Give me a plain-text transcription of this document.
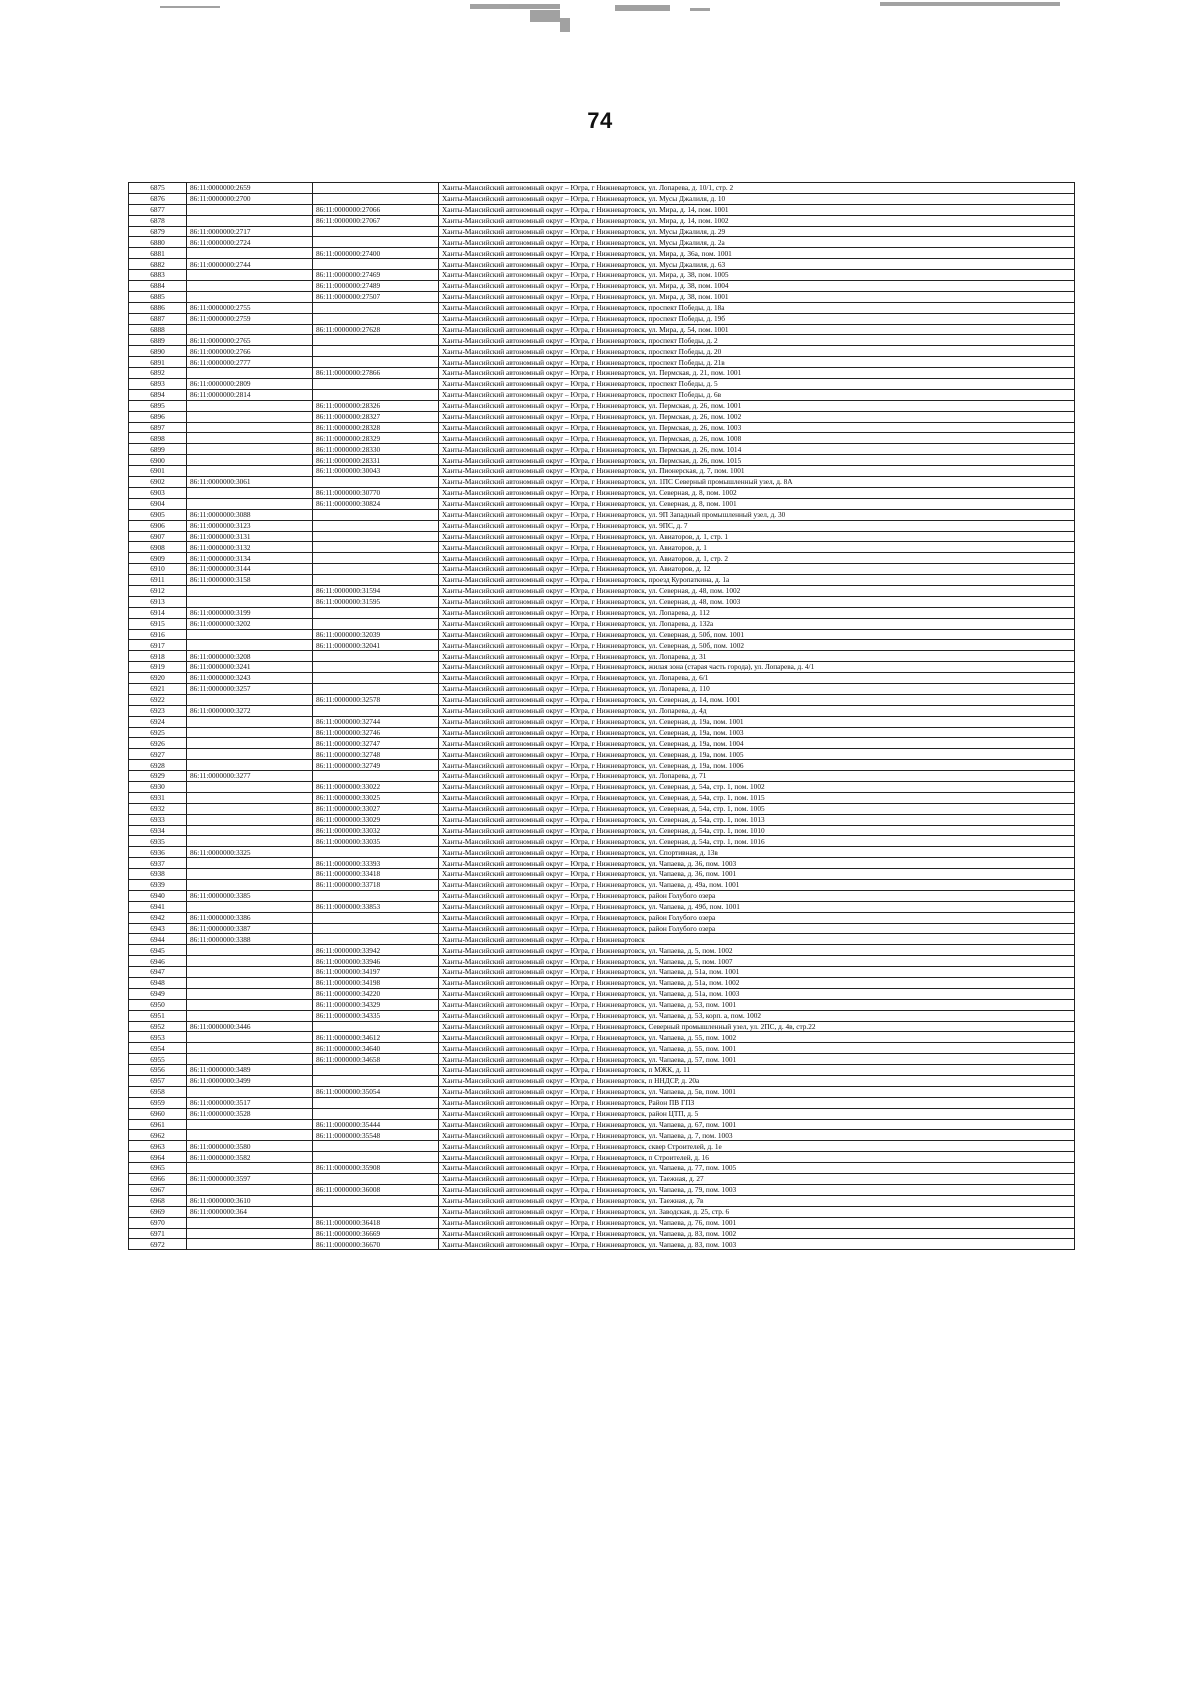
74
6875	86:11:0000000:2659		Ханты-Мансийский автономный округ – Югра, г Нижневартовск, ул. Лопарева, д. 10/1, стр. 2
6876	86:11:0000000:2700		Ханты-Мансийский автономный округ – Югра, г Нижневартовск, ул. Мусы Джалиля, д. 10
6877		86:11:0000000:27066	Ханты-Мансийский автономный округ – Югра, г Нижневартовск, ул. Мира, д. 14, пом. 1001
6878		86:11:0000000:27067	Ханты-Мансийский автономный округ – Югра, г Нижневартовск, ул. Мира, д. 14, пом. 1002
6879	86:11:0000000:2717		Ханты-Мансийский автономный округ – Югра, г Нижневартовск, ул. Мусы Джалиля, д. 29
6880	86:11:0000000:2724		Ханты-Мансийский автономный округ – Югра, г Нижневартовск, ул. Мусы Джалиля, д. 2а
6881		86:11:0000000:27400	Ханты-Мансийский автономный округ – Югра, г Нижневартовск, ул. Мира, д. 36а, пом. 1001
6882	86:11:0000000:2744		Ханты-Мансийский автономный округ – Югра, г Нижневартовск, ул. Мусы Джалиля, д. 63
6883		86:11:0000000:27469	Ханты-Мансийский автономный округ – Югра, г Нижневартовск, ул. Мира, д. 38, пом. 1005
6884		86:11:0000000:27489	Ханты-Мансийский автономный округ – Югра, г Нижневартовск, ул. Мира, д. 38, пом. 1004
6885		86:11:0000000:27507	Ханты-Мансийский автономный округ – Югра, г Нижневартовск, ул. Мира, д. 38, пом. 1001
6886	86:11:0000000:2755		Ханты-Мансийский автономный округ – Югра, г Нижневартовск, проспект Победы, д. 18а
6887	86:11:0000000:2759		Ханты-Мансийский автономный округ – Югра, г Нижневартовск, проспект Победы, д. 19б
6888		86:11:0000000:27628	Ханты-Мансийский автономный округ – Югра, г Нижневартовск, ул. Мира, д. 54, пом. 1001
6889	86:11:0000000:2765		Ханты-Мансийский автономный округ – Югра, г Нижневартовск, проспект Победы, д. 2
6890	86:11:0000000:2766		Ханты-Мансийский автономный округ – Югра, г Нижневартовск, проспект Победы, д. 20
6891	86:11:0000000:2777		Ханты-Мансийский автономный округ – Югра, г Нижневартовск, проспект Победы, д. 21в
6892		86:11:0000000:27866	Ханты-Мансийский автономный округ – Югра, г Нижневартовск, ул. Пермская, д. 21, пом. 1001
6893	86:11:0000000:2809		Ханты-Мансийский автономный округ – Югра, г Нижневартовск, проспект Победы, д. 5
6894	86:11:0000000:2814		Ханты-Мансийский автономный округ – Югра, г Нижневартовск, проспект Победы, д. 6в
6895		86:11:0000000:28326	Ханты-Мансийский автономный округ – Югра, г Нижневартовск, ул. Пермская, д. 26, пом. 1001
6896		86:11:0000000:28327	Ханты-Мансийский автономный округ – Югра, г Нижневартовск, ул. Пермская, д. 26, пом. 1002
6897		86:11:0000000:28328	Ханты-Мансийский автономный округ – Югра, г Нижневартовск, ул. Пермская, д. 26, пом. 1003
6898		86:11:0000000:28329	Ханты-Мансийский автономный округ – Югра, г Нижневартовск, ул. Пермская, д. 26, пом. 1008
6899		86:11:0000000:28330	Ханты-Мансийский автономный округ – Югра, г Нижневартовск, ул. Пермская, д. 26, пом. 1014
6900		86:11:0000000:28331	Ханты-Мансийский автономный округ – Югра, г Нижневартовск, ул. Пермская, д. 26, пом. 1015
6901		86:11:0000000:30043	Ханты-Мансийский автономный округ – Югра, г Нижневартовск, ул. Пионерская, д. 7, пом. 1001
6902	86:11:0000000:3061		Ханты-Мансийский автономный округ – Югра, г Нижневартовск, ул. 1ПС Северный промышленный узел, д. 8А
6903		86:11:0000000:30770	Ханты-Мансийский автономный округ – Югра, г Нижневартовск, ул. Северная, д. 8, пом. 1002
6904		86:11:0000000:30824	Ханты-Мансийский автономный округ – Югра, г Нижневартовск, ул. Северная, д. 8, пом. 1001
6905	86:11:0000000:3088		Ханты-Мансийский автономный округ – Югра, г Нижневартовск, ул. 9П Западный промышленный узел, д. 30
6906	86:11:0000000:3123		Ханты-Мансийский автономный округ – Югра, г Нижневартовск, ул. 9ПС, д. 7
6907	86:11:0000000:3131		Ханты-Мансийский автономный округ – Югра, г Нижневартовск, ул. Авиаторов, д. 1, стр. 1
6908	86:11:0000000:3132		Ханты-Мансийский автономный округ – Югра, г Нижневартовск, ул. Авиаторов, д. 1
6909	86:11:0000000:3134		Ханты-Мансийский автономный округ – Югра, г Нижневартовск, ул. Авиаторов, д. 1, стр. 2
6910	86:11:0000000:3144		Ханты-Мансийский автономный округ – Югра, г Нижневартовск, ул. Авиаторов, д. 12
6911	86:11:0000000:3158		Ханты-Мансийский автономный округ – Югра, г Нижневартовск, проезд Куропаткина, д. 1а
6912		86:11:0000000:31594	Ханты-Мансийский автономный округ – Югра, г Нижневартовск, ул. Северная, д. 48, пом. 1002
6913		86:11:0000000:31595	Ханты-Мансийский автономный округ – Югра, г Нижневартовск, ул. Северная, д. 48, пом. 1003
6914	86:11:0000000:3199		Ханты-Мансийский автономный округ – Югра, г Нижневартовск, ул. Лопарева, д. 112
6915	86:11:0000000:3202		Ханты-Мансийский автономный округ – Югра, г Нижневартовск, ул. Лопарева, д. 132а
6916		86:11:0000000:32039	Ханты-Мансийский автономный округ – Югра, г Нижневартовск, ул. Северная, д. 50б, пом. 1001
6917		86:11:0000000:32041	Ханты-Мансийский автономный округ – Югра, г Нижневартовск, ул. Северная, д. 50б, пом. 1002
6918	86:11:0000000:3208		Ханты-Мансийский автономный округ – Югра, г Нижневартовск, ул. Лопарева, д. 31
6919	86:11:0000000:3241		Ханты-Мансийский автономный округ – Югра, г Нижневартовск, жилая зона (старая часть города), ул. Лопарева, д. 4/1
6920	86:11:0000000:3243		Ханты-Мансийский автономный округ – Югра, г Нижневартовск, ул. Лопарева, д. 6/1
6921	86:11:0000000:3257		Ханты-Мансийский автономный округ – Югра, г Нижневартовск, ул. Лопарева, д. 110
6922		86:11:0000000:32578	Ханты-Мансийский автономный округ – Югра, г Нижневартовск, ул. Северная, д. 14, пом. 1001
6923	86:11:0000000:3272		Ханты-Мансийский автономный округ – Югра, г Нижневартовск, ул. Лопарева, д. 4д
6924		86:11:0000000:32744	Ханты-Мансийский автономный округ – Югра, г Нижневартовск, ул. Северная, д. 19а, пом. 1001
6925		86:11:0000000:32746	Ханты-Мансийский автономный округ – Югра, г Нижневартовск, ул. Северная, д. 19а, пом. 1003
6926		86:11:0000000:32747	Ханты-Мансийский автономный округ – Югра, г Нижневартовск, ул. Северная, д. 19а, пом. 1004
6927		86:11:0000000:32748	Ханты-Мансийский автономный округ – Югра, г Нижневартовск, ул. Северная, д. 19а, пом. 1005
6928		86:11:0000000:32749	Ханты-Мансийский автономный округ – Югра, г Нижневартовск, ул. Северная, д. 19а, пом. 1006
6929	86:11:0000000:3277		Ханты-Мансийский автономный округ – Югра, г Нижневартовск, ул. Лопарева, д. 71
6930		86:11:0000000:33022	Ханты-Мансийский автономный округ – Югра, г Нижневартовск, ул. Северная, д. 54а, стр. 1, пом. 1002
6931		86:11:0000000:33025	Ханты-Мансийский автономный округ – Югра, г Нижневартовск, ул. Северная, д. 54а, стр. 1, пом. 1015
6932		86:11:0000000:33027	Ханты-Мансийский автономный округ – Югра, г Нижневартовск, ул. Северная, д. 54а, стр. 1, пом. 1005
6933		86:11:0000000:33029	Ханты-Мансийский автономный округ – Югра, г Нижневартовск, ул. Северная, д. 54а, стр. 1, пом. 1013
6934		86:11:0000000:33032	Ханты-Мансийский автономный округ – Югра, г Нижневартовск, ул. Северная, д. 54а, стр. 1, пом. 1010
6935		86:11:0000000:33035	Ханты-Мансийский автономный округ – Югра, г Нижневартовск, ул. Северная, д. 54а, стр. 1, пом. 1016
6936	86:11:0000000:3325		Ханты-Мансийский автономный округ – Югра, г Нижневартовск, ул. Спортивная, д. 13в
6937		86:11:0000000:33393	Ханты-Мансийский автономный округ – Югра, г Нижневартовск, ул. Чапаева, д. 36, пом. 1003
6938		86:11:0000000:33418	Ханты-Мансийский автономный округ – Югра, г Нижневартовск, ул. Чапаева, д. 36, пом. 1001
6939		86:11:0000000:33718	Ханты-Мансийский автономный округ – Югра, г Нижневартовск, ул. Чапаева, д. 49а, пом. 1001
6940	86:11:0000000:3385		Ханты-Мансийский автономный округ – Югра, г Нижневартовск, район Голубого озера
6941		86:11:0000000:33853	Ханты-Мансийский автономный округ – Югра, г Нижневартовск, ул. Чапаева, д. 49б, пом. 1001
6942	86:11:0000000:3386		Ханты-Мансийский автономный округ – Югра, г Нижневартовск, район Голубого озера
6943	86:11:0000000:3387		Ханты-Мансийский автономный округ – Югра, г Нижневартовск, район Голубого озера
6944	86:11:0000000:3388		Ханты-Мансийский автономный округ – Югра, г Нижневартовск
6945		86:11:0000000:33942	Ханты-Мансийский автономный округ – Югра, г Нижневартовск, ул. Чапаева, д. 5, пом. 1002
6946		86:11:0000000:33946	Ханты-Мансийский автономный округ – Югра, г Нижневартовск, ул. Чапаева, д. 5, пом. 1007
6947		86:11:0000000:34197	Ханты-Мансийский автономный округ – Югра, г Нижневартовск, ул. Чапаева, д. 51а, пом. 1001
6948		86:11:0000000:34198	Ханты-Мансийский автономный округ – Югра, г Нижневартовск, ул. Чапаева, д. 51а, пом. 1002
6949		86:11:0000000:34220	Ханты-Мансийский автономный округ – Югра, г Нижневартовск, ул. Чапаева, д. 51а, пом. 1003
6950		86:11:0000000:34329	Ханты-Мансийский автономный округ – Югра, г Нижневартовск, ул. Чапаева, д. 53, пом. 1001
6951		86:11:0000000:34335	Ханты-Мансийский автономный округ – Югра, г Нижневартовск, ул. Чапаева, д. 53, корп. а, пом. 1002
6952	86:11:0000000:3446		Ханты-Мансийский автономный округ – Югра, г Нижневартовск, Северный промышленный узел, ул. 2ПС, д. 4в, стр.22
6953		86:11:0000000:34612	Ханты-Мансийский автономный округ – Югра, г Нижневартовск, ул. Чапаева, д. 55, пом. 1002
6954		86:11:0000000:34640	Ханты-Мансийский автономный округ – Югра, г Нижневартовск, ул. Чапаева, д. 55, пом. 1001
6955		86:11:0000000:34658	Ханты-Мансийский автономный округ – Югра, г Нижневартовск, ул. Чапаева, д. 57, пом. 1001
6956	86:11:0000000:3489		Ханты-Мансийский автономный округ – Югра, г Нижневартовск, п МЖК, д. 11
6957	86:11:0000000:3499		Ханты-Мансийский автономный округ – Югра, г Нижневартовск, п ННДСР, д. 20а
6958		86:11:0000000:35054	Ханты-Мансийский автономный округ – Югра, г Нижневартовск, ул. Чапаева, д. 5в, пом. 1001
6959	86:11:0000000:3517		Ханты-Мансийский автономный округ – Югра, г Нижневартовск, Район ПВ ГПЗ
6960	86:11:0000000:3528		Ханты-Мансийский автономный округ – Югра, г Нижневартовск, район ЦТП, д. 5
6961		86:11:0000000:35444	Ханты-Мансийский автономный округ – Югра, г Нижневартовск, ул. Чапаева, д. 67, пом. 1001
6962		86:11:0000000:35548	Ханты-Мансийский автономный округ – Югра, г Нижневартовск, ул. Чапаева, д. 7, пом. 1003
6963	86:11:0000000:3580		Ханты-Мансийский автономный округ – Югра, г Нижневартовск, сквер Строителей, д. 1е
6964	86:11:0000000:3582		Ханты-Мансийский автономный округ – Югра, г Нижневартовск, п Строителей, д. 16
6965		86:11:0000000:35908	Ханты-Мансийский автономный округ – Югра, г Нижневартовск, ул. Чапаева, д. 77, пом. 1005
6966	86:11:0000000:3597		Ханты-Мансийский автономный округ – Югра, г Нижневартовск, ул. Таежная, д. 27
6967		86:11:0000000:36008	Ханты-Мансийский автономный округ – Югра, г Нижневартовск, ул. Чапаева, д. 79, пом. 1003
6968	86:11:0000000:3610		Ханты-Мансийский автономный округ – Югра, г Нижневартовск, ул. Таежная, д. 7в
6969	86:11:0000000:364		Ханты-Мансийский автономный округ – Югра, г Нижневартовск, ул. Заводская, д. 25, стр. 6
6970		86:11:0000000:36418	Ханты-Мансийский автономный округ – Югра, г Нижневартовск, ул. Чапаева, д. 76, пом. 1001
6971		86:11:0000000:36669	Ханты-Мансийский автономный округ – Югра, г Нижневартовск, ул. Чапаева, д. 83, пом. 1002
6972		86:11:0000000:36670	Ханты-Мансийский автономный округ – Югра, г Нижневартовск, ул. Чапаева, д. 83, пом. 1003
